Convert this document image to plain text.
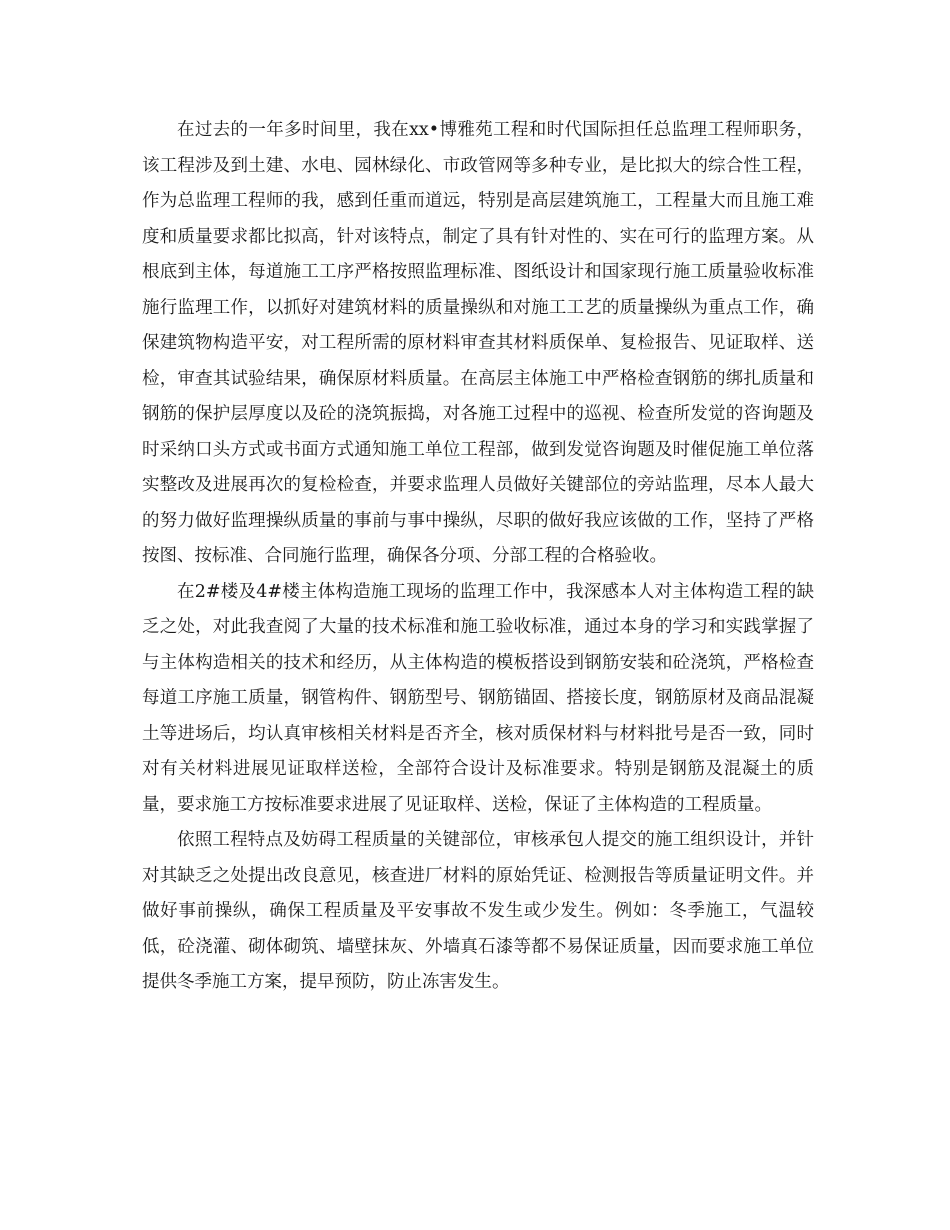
在过去的一年多时间里，我在xx•博雅苑工程和时代国际担任总监理工程师职务，该工程涉及到土建、水电、园林绿化、市政管网等多种专业，是比拟大的综合性工程，作为总监理工程师的我，感到任重而道远，特别是高层建筑施工，工程量大而且施工难度和质量要求都比拟高，针对该特点，制定了具有针对性的、实在可行的监理方案。从根底到主体，每道施工工序严格按照监理标准、图纸设计和国家现行施工质量验收标准施行监理工作，以抓好对建筑材料的质量操纵和对施工工艺的质量操纵为重点工作，确保建筑物构造平安，对工程所需的原材料审查其材料质保单、复检报告、见证取样、送检，审查其试验结果，确保原材料质量。在高层主体施工中严格检查钢筋的绑扎质量和钢筋的保护层厚度以及砼的浇筑振捣，对各施工过程中的巡视、检查所发觉的咨询题及时采纳口头方式或书面方式通知施工单位工程部，做到发觉咨询题及时催促施工单位落实整改及进展再次的复检检查，并要求监理人员做好关键部位的旁站监理，尽本人最大的努力做好监理操纵质量的事前与事中操纵，尽职的做好我应该做的工作，坚持了严格按图、按标准、合同施行监理，确保各分项、分部工程的合格验收。

在2#楼及4#楼主体构造施工现场的监理工作中，我深感本人对主体构造工程的缺乏之处，对此我查阅了大量的技术标准和施工验收标准，通过本身的学习和实践掌握了与主体构造相关的技术和经历，从主体构造的模板搭设到钢筋安装和砼浇筑，严格检查每道工序施工质量，钢管构件、钢筋型号、钢筋锚固、搭接长度，钢筋原材及商品混凝土等进场后，均认真审核相关材料是否齐全，核对质保材料与材料批号是否一致，同时对有关材料进展见证取样送检，全部符合设计及标准要求。特别是钢筋及混凝土的质量，要求施工方按标准要求进展了见证取样、送检，保证了主体构造的工程质量。

依照工程特点及妨碍工程质量的关键部位，审核承包人提交的施工组织设计，并针对其缺乏之处提出改良意见，核查进厂材料的原始凭证、检测报告等质量证明文件。并做好事前操纵，确保工程质量及平安事故不发生或少发生。例如：冬季施工，气温较低，砼浇灌、砌体砌筑、墙壁抹灰、外墙真石漆等都不易保证质量，因而要求施工单位提供冬季施工方案，提早预防，防止冻害发生。
